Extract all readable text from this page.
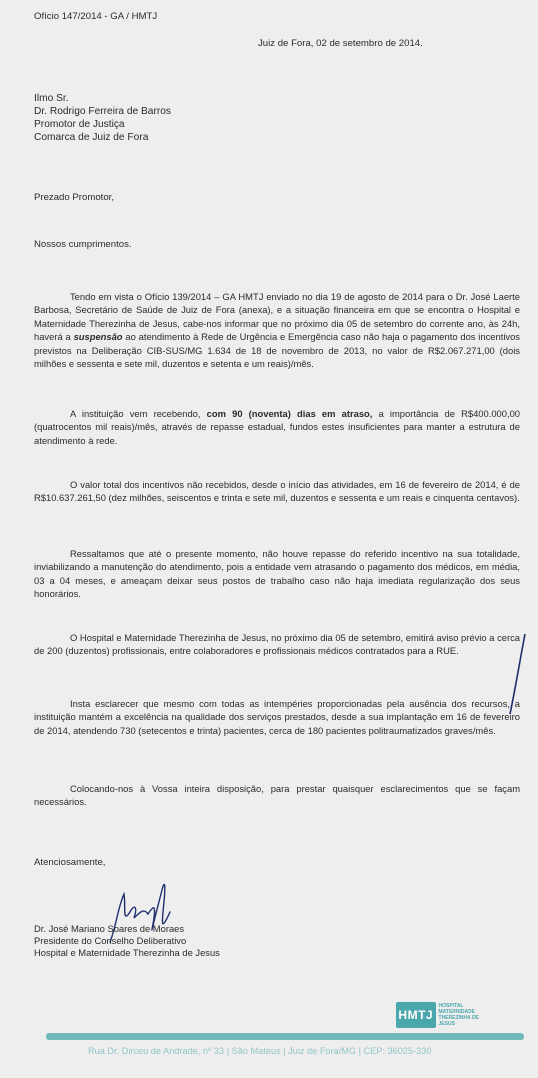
Ofício 147/2014 - GA / HMTJ
Juiz de Fora, 02 de setembro de 2014.
Ilmo Sr.
Dr. Rodrigo Ferreira de Barros
Promotor de Justiça
Comarca de Juiz de Fora
Prezado Promotor,
Nossos cumprimentos.

Tendo em vista o Ofício 139/2014 – GA HMTJ enviado no dia 19 de agosto de 2014 para o Dr. José Laerte Barbosa, Secretário de Saúde de Juiz de Fora (anexa), e a situação financeira em que se encontra o Hospital e Maternidade Therezinha de Jesus, cabe-nos informar que no próximo dia 05 de setembro do corrente ano, às 24h, haverá a suspensão ao atendimento à Rede de Urgência e Emergência caso não haja o pagamento dos incentivos previstos na Deliberação CIB-SUS/MG 1.634 de 18 de novembro de 2013, no valor de R$2.067.271,00 (dois milhões e sessenta e sete mil, duzentos e setenta e um reais)/mês.

A instituição vem recebendo, com 90 (noventa) dias em atraso, a importância de R$400.000,00 (quatrocentos mil reais)/mês, através de repasse estadual, fundos estes insuficientes para manter a estrutura de atendimento à rede.

O valor total dos incentivos não recebidos, desde o início das atividades, em 16 de fevereiro de 2014, é de R$10.637.261,50 (dez milhões, seiscentos e trinta e sete mil, duzentos e sessenta e um reais e cinquenta centavos).

Ressaltamos que até o presente momento, não houve repasse do referido incentivo na sua totalidade, inviabilizando a manutenção do atendimento, pois a entidade vem atrasando o pagamento dos médicos, em média, 03 a 04 meses, e ameaçam deixar seus postos de trabalho caso não haja imediata regularização dos seus honorários.

O Hospital e Maternidade Therezinha de Jesus, no próximo dia 05 de setembro, emitirá aviso prévio a cerca de 200 (duzentos) profissionais, entre colaboradores e profissionais médicos contratados para a RUE.

Insta esclarecer que mesmo com todas as intempéries proporcionadas pela ausência dos recursos, a instituição mantém a excelência na qualidade dos serviços prestados, desde a sua implantação em 16 de fevereiro de 2014, atendendo 730 (setecentos e trinta) pacientes, cerca de 180 pacientes politraumatizados graves/mês.

Colocando-nos à Vossa inteira disposição, para prestar quaisquer esclarecimentos que se façam necessários.

Atenciosamente,
Dr. José Mariano Soares de Moraes
Presidente do Conselho Deliberativo
Hospital e Maternidade Therezinha de Jesus
HMTJ
HOSPITAL
MATERNIDADE
THEREZINHA DE JESUS
Rua Dr. Dirceu de Andrade, nº 33 | São Mateus | Juiz de Fora/MG | CEP: 36025-330
